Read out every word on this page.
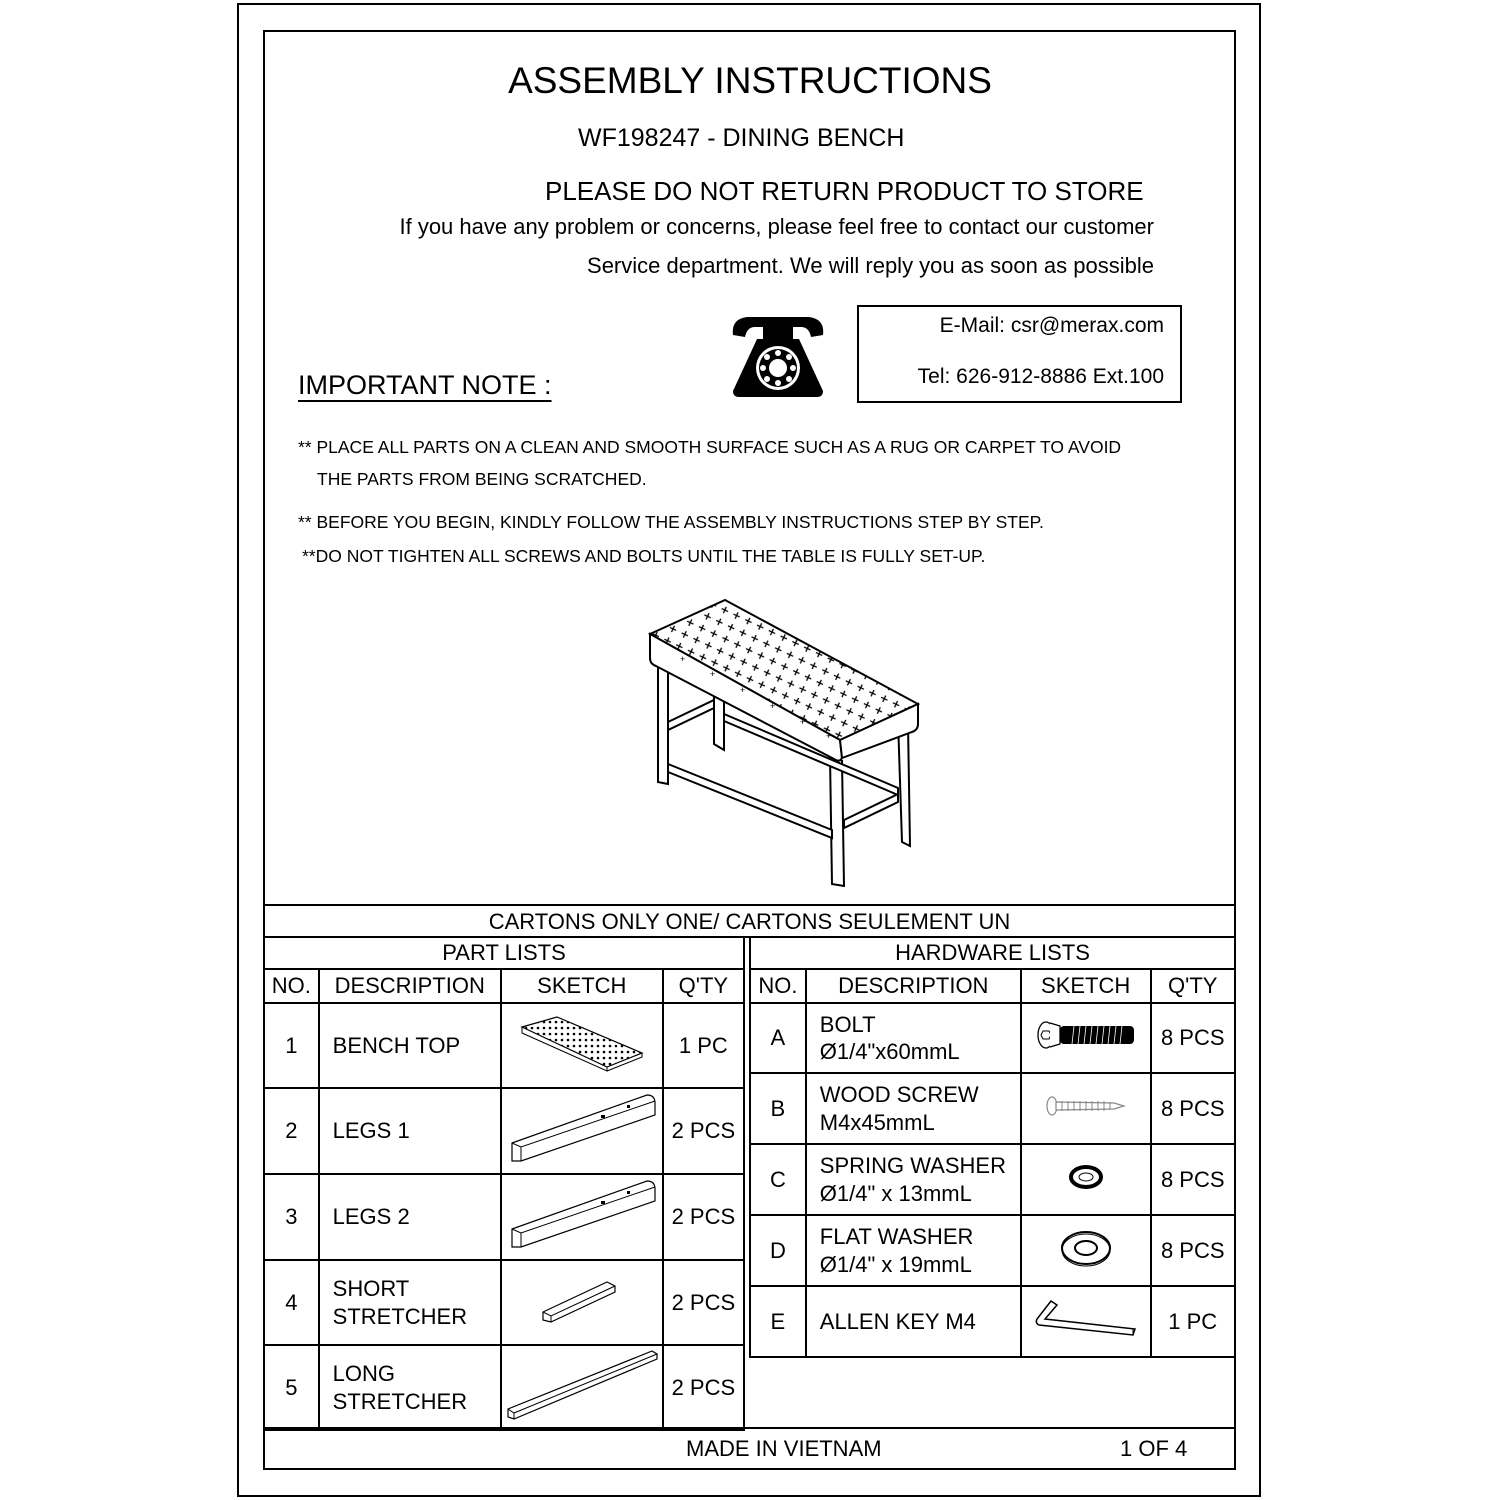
ASSEMBLY INSTRUCTIONS
WF198247 - DINING BENCH
PLEASE DO NOT RETURN PRODUCT TO STORE
If you have any problem or concerns, please feel free to contact our customer
Service department. We will reply you as soon as possible
E-Mail: csr@merax.com
Tel: 626-912-8886 Ext.100
IMPORTANT NOTE :
** PLACE ALL PARTS ON A CLEAN AND SMOOTH SURFACE SUCH AS A RUG OR CARPET TO AVOID
THE PARTS FROM BEING SCRATCHED.
** BEFORE YOU BEGIN, KINDLY FOLLOW THE ASSEMBLY INSTRUCTIONS STEP BY STEP.
**DO NOT TIGHTEN ALL SCREWS AND BOLTS UNTIL THE TABLE IS FULLY SET-UP.
+
+
+
+
+
+
CARTONS ONLY ONE/ CARTONS SEULEMENT UN
PART LISTS			
NO.	DESCRIPTION	SKETCH	Q'TY
1	BENCH TOP		1 PC
2	LEGS 1		2 PCS
3	LEGS 2		2 PCS
4	SHORT
STRETCHER		2 PCS
5	LONG
STRETCHER		2 PCS
HARDWARE LISTS			
NO.	DESCRIPTION	SKETCH	Q'TY
A	BOLT
Ø1/4"x60mmL		8 PCS
B	WOOD SCREW
M4x45mmL		8 PCS
C	SPRING WASHER
Ø1/4" x 13mmL		8 PCS
D	FLAT WASHER
Ø1/4" x 19mmL		8 PCS
E	ALLEN KEY M4		1 PC
MADE IN VIETNAM	1 OF 4
